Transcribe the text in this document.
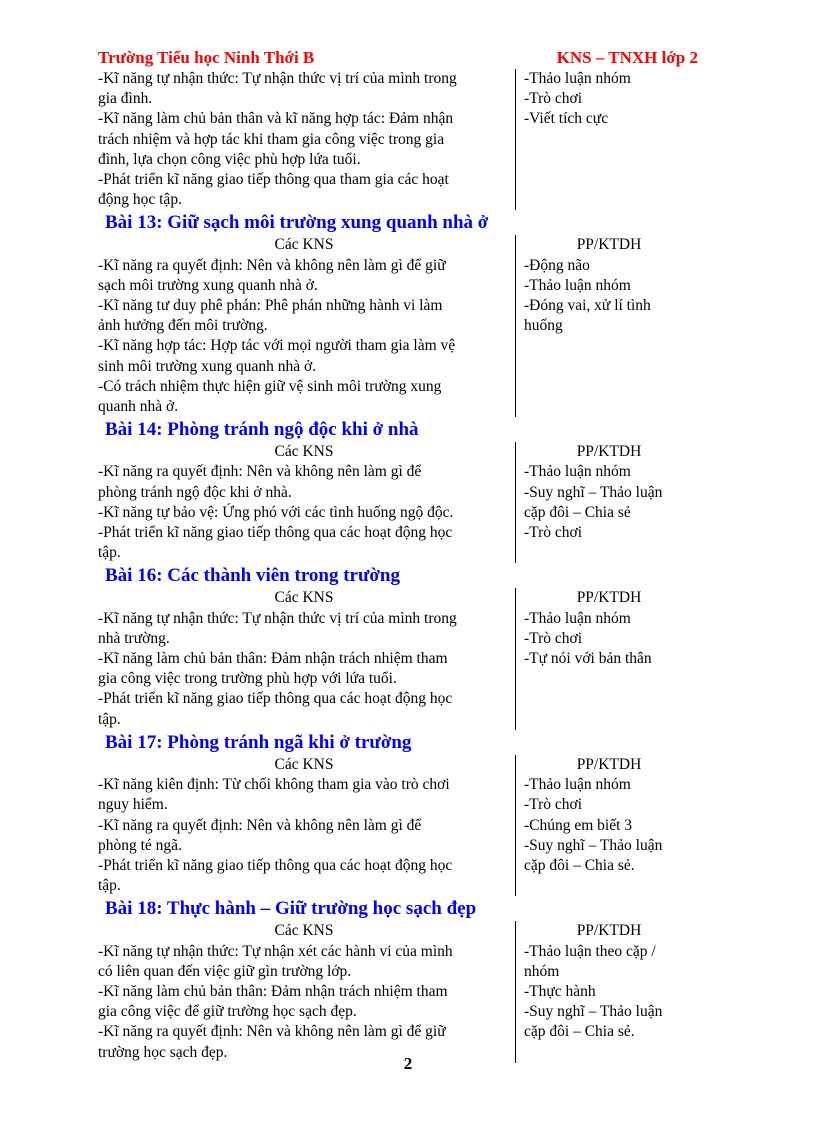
Trường Tiểu học Ninh Thới B	KNS – TNXH lớp 2
-Kĩ năng tự nhận thức: Tự nhận thức vị trí của mình trong
gia đình.
-Kĩ năng làm chủ bản thân và kĩ năng hợp tác: Đảm nhận
trách nhiệm và hợp tác khi tham gia công việc trong gia
đình, lựa chọn công việc phù hợp lứa tuổi.
-Phát triển kĩ năng giao tiếp thông qua tham gia các hoạt
động học tập.
-Thảo luận nhóm
-Trò chơi
-Viết tích cực
Bài 13: Giữ sạch môi trường xung quanh nhà ở
Các KNS
-Kĩ năng ra quyết định: Nên và không nên làm gì để giữ
sạch môi trường xung quanh nhà ở.
-Kĩ năng tư duy phê phán: Phê phán những hành vi làm
ảnh hưởng đến môi trường.
-Kĩ năng hợp tác: Hợp tác với mọi người tham gia làm vệ
sinh môi trường xung quanh nhà ở.
-Có trách nhiệm thực hiện giữ vệ sinh môi trường xung
quanh nhà ở.
PP/KTDH
-Động não
-Thảo luận nhóm
-Đóng vai, xử lí tình
huống
Bài 14: Phòng tránh ngộ độc khi ở nhà
Các KNS
-Kĩ năng ra quyết định: Nên và không nên làm gì để
phòng tránh ngộ độc khi ở nhà.
-Kĩ năng tự bảo vệ: Ứng phó với các tình huống ngộ độc.
-Phát triển kĩ năng giao tiếp thông qua các hoạt động học
tập.
PP/KTDH
-Thảo luận nhóm
-Suy nghĩ – Thảo luận
cặp đôi – Chia sẻ
-Trò chơi
Bài 16: Các thành viên trong trường
Các KNS
-Kĩ năng tự nhận thức: Tự nhận thức vị trí của mình trong
nhà trường.
-Kĩ năng làm chủ bản thân: Đảm nhận trách nhiệm tham
gia công việc trong trường phù hợp với lứa tuổi.
-Phát triển kĩ năng giao tiếp thông qua các hoạt động học
tập.
PP/KTDH
-Thảo luận nhóm
-Trò chơi
-Tự nói với bản thân
Bài 17: Phòng tránh ngã khi ở trường
Các KNS
-Kĩ năng kiên định: Từ chối không tham gia vào trò chơi
nguy hiểm.
-Kĩ năng ra quyết định: Nên và không nên làm gì để
phòng té ngã.
-Phát triển kĩ năng giao tiếp thông qua các hoạt động học
tập.
PP/KTDH
-Thảo luận nhóm
-Trò chơi
-Chúng em biết 3
-Suy nghĩ – Thảo luận
cặp đôi – Chia sẻ.
Bài 18: Thực hành – Giữ trường học sạch đẹp
Các KNS
-Kĩ năng tự nhận thức: Tự nhận xét các hành vi của mình
có liên quan đến việc giữ gìn trường lớp.
-Kĩ năng làm chủ bản thân: Đảm nhận trách nhiệm tham
gia công việc để giữ trường học sạch đẹp.
-Kĩ năng ra quyết định: Nên và không nên làm gì để giữ
trường học sạch đẹp.
PP/KTDH
-Thảo luận theo cặp /
nhóm
-Thực hành
-Suy nghĩ – Thảo luận
cặp đôi – Chia sẻ.
2
